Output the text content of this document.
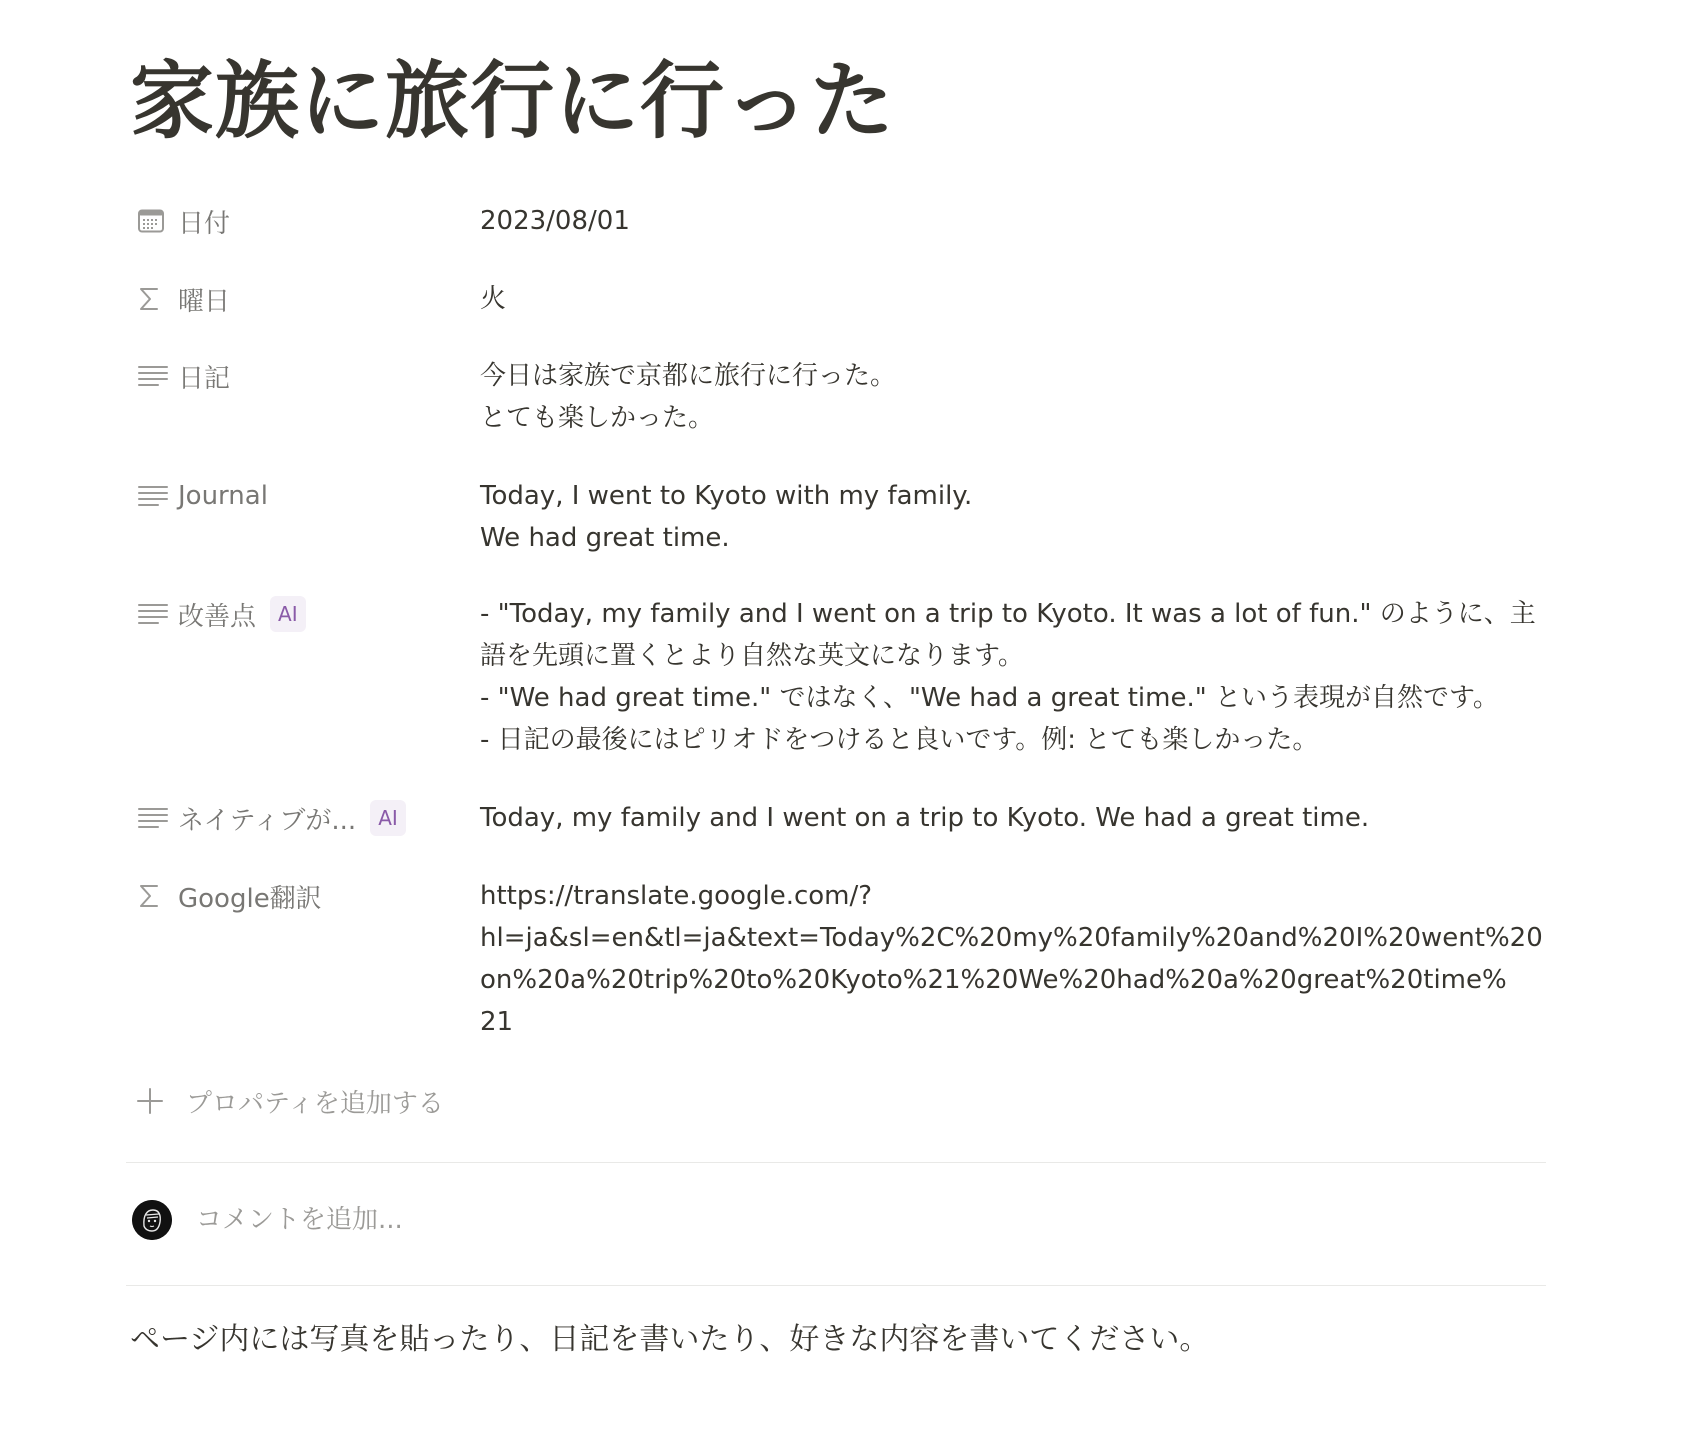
家族に旅行に行った
日付	2023/08/01
曜日	火
日記	今日は家族で京都に旅行に行った。
とても楽しかった。
Journal	Today, I went to Kyoto with my family.
We had great time.
改善点	AI	- "Today, my family and I went on a trip to Kyoto. It was a lot of fun." のように、主
語を先頭に置くとより自然な英文になります。
- "We had great time." ではなく、"We had a great time." という表現が自然です。
- 日記の最後にはピリオドをつけると良いです。例: とても楽しかった。
ネイティブが...	AI	Today, my family and I went on a trip to Kyoto. We had a great time.
Google翻訳	https://translate.google.com/?
hl=ja&sl=en&tl=ja&text=Today%2C%20my%20family%20and%20I%20went%20
on%20a%20trip%20to%20Kyoto%21%20We%20had%20a%20great%20time%
21
プロパティを追加する
コメントを追加...
ページ内には写真を貼ったり、日記を書いたり、好きな内容を書いてください。
